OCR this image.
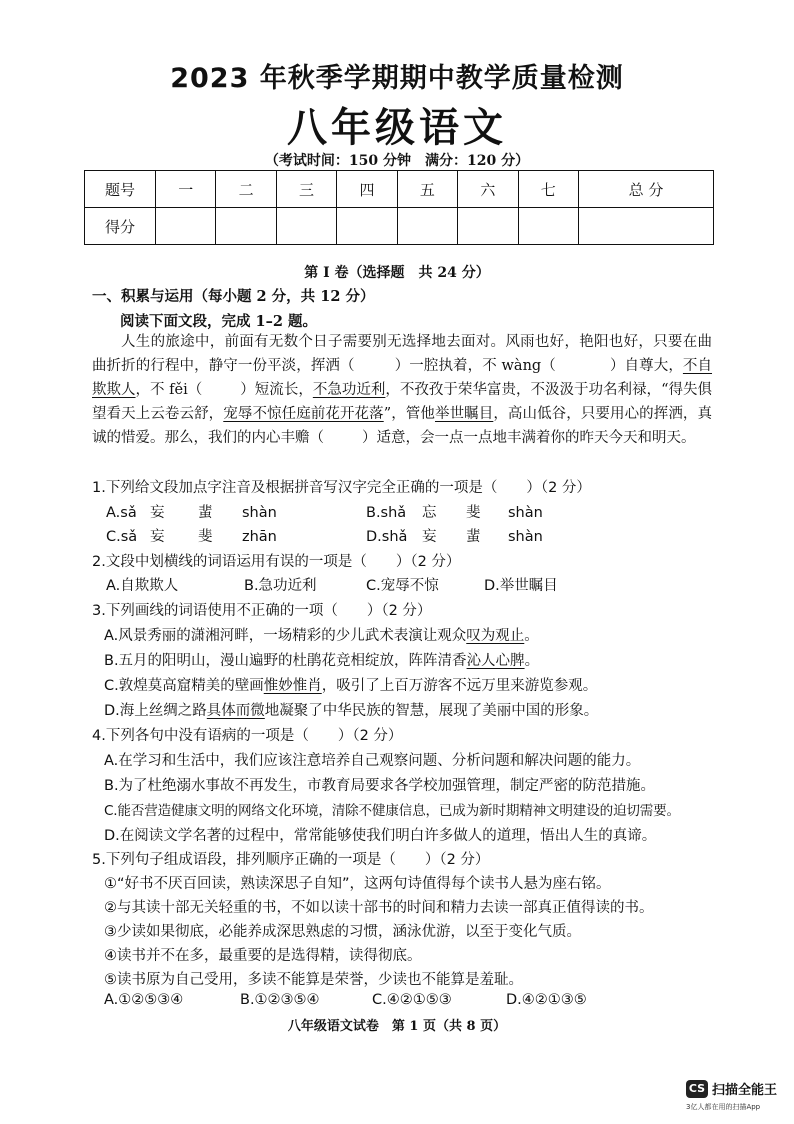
2023 年秋季学期期中教学质量检测
八年级语文
（考试时间：150 分钟　满分：120 分）
题号	一	二	三	四	五	六	七	总 分
得分								
第 I 卷（选择题　共 24 分）
一、积累与运用（每小题 2 分，共 12 分）
阅读下面文段，完成 1–2 题。
人生的旅途中，前面有无数个日子需要别无选择地去面对。风雨也好，艳阳也好，只要在曲曲折折的行程中，静守一份平淡，挥洒（	）一腔执着，不 wàng（	）自尊大，不自欺欺人，不 fěi（	）短流长，不急功近利，不孜孜于荣华富贵，不汲汲于功名利禄，“得失俱望看天上云卷云舒，宠辱不惊任庭前花开花落”，管他举世瞩目，高山低谷，只要用心的挥洒，真诚的惜爱。那么，我们的内心丰赡（	）适意，会一点一点地丰满着你的昨天今天和明天。
1.下列给文段加点字注音及根据拼音写汉字完全正确的一项是（　　）（2 分）
A.sǎ 妄 蜚 shàn	B.shǎ 忘 斐 shàn
C.sǎ 妄 斐 zhān	D.shǎ 妄 蜚 shàn
2.文段中划横线的词语运用有误的一项是（　　）（2 分）
A.自欺欺人	B.急功近利	C.宠辱不惊	D.举世瞩目
3.下列画线的词语使用不正确的一项（　　）（2 分）
A.风景秀丽的潇湘河畔，一场精彩的少儿武术表演让观众叹为观止。
B.五月的阳明山，漫山遍野的杜鹃花竞相绽放，阵阵清香沁人心脾。
C.敦煌莫高窟精美的壁画惟妙惟肖，吸引了上百万游客不远万里来游览参观。
D.海上丝绸之路具体而微地凝聚了中华民族的智慧，展现了美丽中国的形象。
4.下列各句中没有语病的一项是（　　）（2 分）
A.在学习和生活中，我们应该注意培养自己观察问题、分析问题和解决问题的能力。
B.为了杜绝溺水事故不再发生，市教育局要求各学校加强管理，制定严密的防范措施。
C.能否营造健康文明的网络文化环境，清除不健康信息，已成为新时期精神文明建设的迫切需要。
D.在阅读文学名著的过程中，常常能够使我们明白许多做人的道理，悟出人生的真谛。
5.下列句子组成语段，排列顺序正确的一项是（　　）（2 分）
①“好书不厌百回读，熟读深思子自知”，这两句诗值得每个读书人悬为座右铭。
②与其读十部无关轻重的书，不如以读十部书的时间和精力去读一部真正值得读的书。
③少读如果彻底，必能养成深思熟虑的习惯，涵泳优游，以至于变化气质。
④读书并不在多，最重要的是选得精，读得彻底。
⑤读书原为自己受用，多读不能算是荣誉，少读也不能算是羞耻。
A.①②⑤③④	B.①②③⑤④	C.④②①⑤③	D.④②①③⑤
八年级语文试卷　第 1 页（共 8 页）
CS 扫描全能王
3亿人都在用的扫描App
